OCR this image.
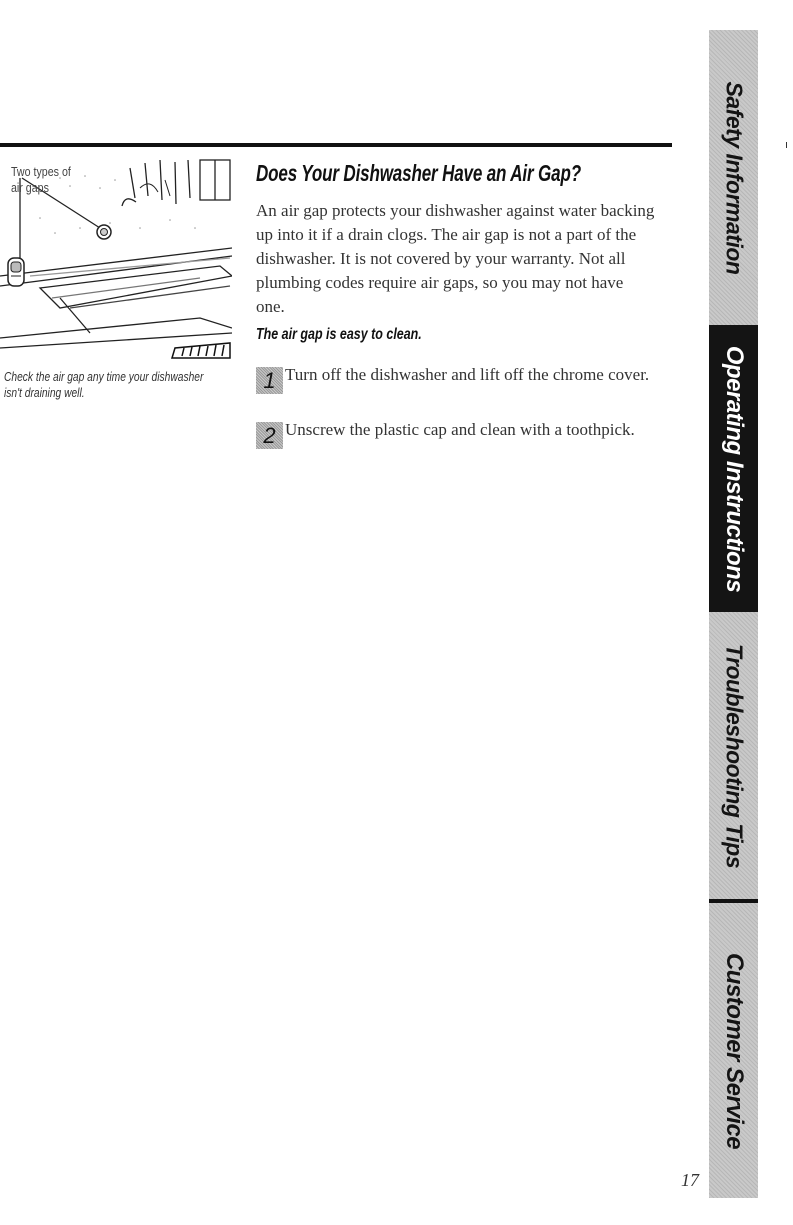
Two types of air gaps
Check the air gap any time your dishwasher isn't draining well.
Does Your Dishwasher Have an Air Gap?
An air gap protects your dishwasher against water backing up into it if a drain clogs. The air gap is not a part of the dishwasher. It is not covered by your warranty. Not all plumbing codes require air gaps, so you may not have one.
The air gap is easy to clean.
1 Turn off the dishwasher and lift off the chrome cover.
2 Unscrew the plastic cap and clean with a toothpick.
Safety Information
Operating Instructions
Troubleshooting Tips
Customer Service
17
